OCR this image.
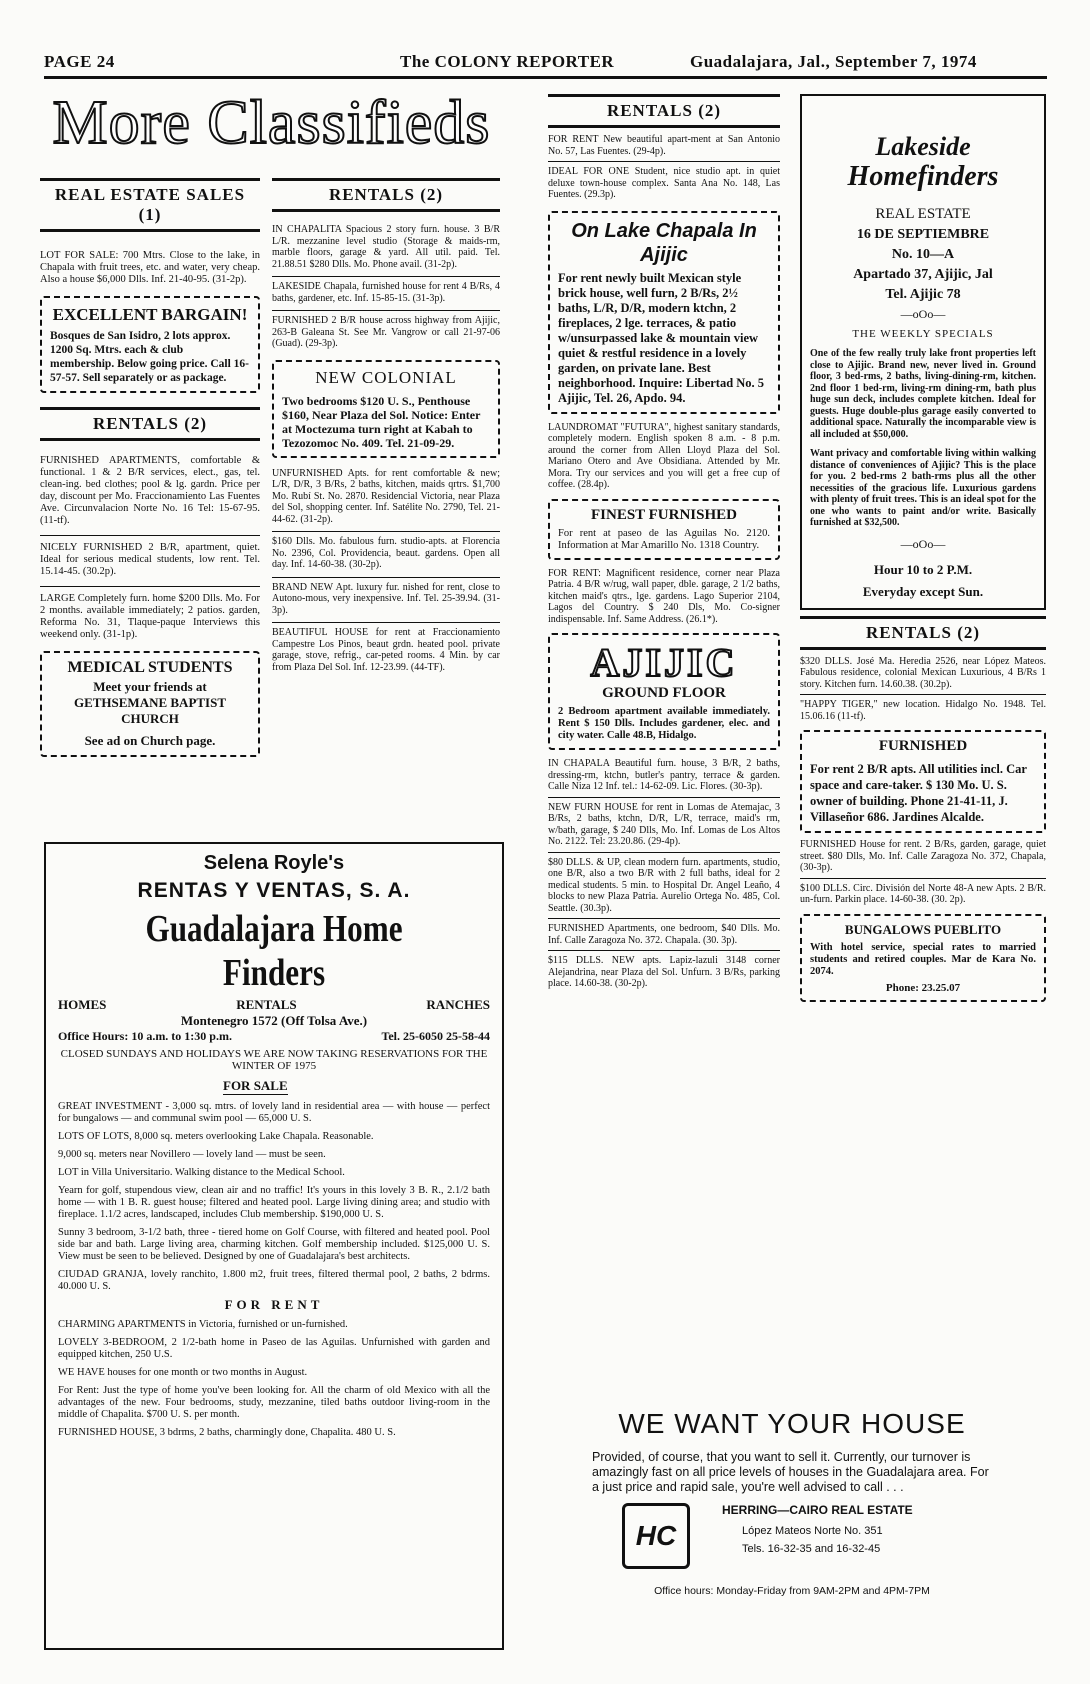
PAGE 24	The COLONY REPORTER	Guadalajara, Jal., September 7, 1974
More Classifieds
REAL ESTATE SALES
(1)
LOT FOR SALE: 700 Mtrs. Close to the lake, in Chapala with fruit trees, etc. and water, very cheap. Also a house $6,000 Dlls. Inf. 21-40-95. (31-2p).
EXCELLENT BARGAIN!
Bosques de San Isidro, 2 lots approx. 1200 Sq. Mtrs. each & club membership. Below going price. Call 16-57-57. Sell separately or as package.
RENTALS (2)
FURNISHED APARTMENTS, comfortable & functional. 1 & 2 B/R services, elect., gas, tel. clean-ing. bed clothes; pool & lg. gardn. Price per day, discount per Mo. Fraccionamiento Las Fuentes Ave. Circunvalacion Norte No. 16 Tel: 15-67-95. (11-tf).
NICELY FURNISHED 2 B/R, apartment, quiet. Ideal for serious medical students, low rent. Tel. 15.14-45. (30.2p).
LARGE Completely furn. home $200 Dlls. Mo. For 2 months. available immediately; 2 patios. garden, Reforma No. 31, Tlaque-paque Interviews this weekend only. (31-1p).
MEDICAL STUDENTS
Meet your friends at GETHSEMANE BAPTIST CHURCH
See ad on Church page.
RENTALS (2)
IN CHAPALITA Spacious 2 story furn. house. 3 B/R L/R. mezzanine level studio (Storage & maids-rm, marble floors, garage & yard. All util. paid. Tel. 21.88.51 $280 Dlls. Mo. Phone avail. (31-2p).
LAKESIDE Chapala, furnished house for rent 4 B/Rs, 4 baths, gardener, etc. Inf. 15-85-15. (31-3p).
FURNISHED 2 B/R house across highway from Ajijic, 263-B Galeana St. See Mr. Vangrow or call 21-97-06 (Guad). (29-3p).
NEW COLONIAL
Two bedrooms $120 U. S., Penthouse $160, Near Plaza del Sol. Notice: Enter at Moctezuma turn right at Kabah to Tezozomoc No. 409. Tel. 21-09-29.
UNFURNISHED Apts. for rent comfortable & new; L/R, D/R, 3 B/Rs, 2 baths, kitchen, maids qrtrs. $1,700 Mo. Rubí St. No. 2870. Residencial Victoria, near Plaza del Sol, shopping center. Inf. Satélite No. 2790, Tel. 21-44-62. (31-2p).
$160 Dlls. Mo. fabulous furn. studio-apts. at Florencia No. 2396, Col. Providencia, beaut. gardens. Open all day. Inf. 14-60-38. (30-2p).
BRAND NEW Apt. luxury fur. nished for rent, close to Autono-mous, very inexpensive. Inf. Tel. 25-39.94. (31-3p).
BEAUTIFUL HOUSE for rent at Fraccionamiento Campestre Los Pinos, beaut grdn. heated pool. private garage, stove, refrig., car-peted rooms. 4 Min. by car from Plaza Del Sol. Inf. 12-23.99. (44-TF).
Selena Royle's
RENTAS Y VENTAS, S. A.
Guadalajara Home Finders
HOMES	RENTALS	RANCHES
Montenegro 1572 (Off Tolsa Ave.)
Office Hours: 10 a.m. to 1:30 p.m.	Tel. 25-6050 25-58-44
CLOSED SUNDAYS AND HOLIDAYS WE ARE NOW TAKING RESERVATIONS FOR THE WINTER OF 1975
FOR SALE
GREAT INVESTMENT - 3,000 sq. mtrs. of lovely land in residential area — with house — perfect for bungalows — and communal swim pool — 65,000 U. S.
LOTS OF LOTS, 8,000 sq. meters overlooking Lake Chapala. Reasonable.
9,000 sq. meters near Novillero — lovely land — must be seen.
LOT in Villa Universitario. Walking distance to the Medical School.
Yearn for golf, stupendous view, clean air and no traffic! It's yours in this lovely 3 B. R., 2.1/2 bath home — with 1 B. R. guest house; filtered and heated pool. Large living dining area; and studio with fireplace. 1.1/2 acres, landscaped, includes Club membership. $190,000 U. S.
Sunny 3 bedroom, 3-1/2 bath, three - tiered home on Golf Course, with filtered and heated pool. Pool side bar and bath. Large living area, charming kitchen. Golf membership included. $125,000 U. S. View must be seen to be believed. Designed by one of Guadalajara's best architects.
CIUDAD GRANJA, lovely ranchito, 1.800 m2, fruit trees, filtered thermal pool, 2 baths, 2 bdrms. 40.000 U. S.
FOR RENT
CHARMING APARTMENTS in Victoria, furnished or un-furnished.
LOVELY 3-BEDROOM, 2 1/2-bath home in Paseo de las Aguilas. Unfurnished with garden and equipped kitchen, 250 U.S.
WE HAVE houses for one month or two months in August.
For Rent: Just the type of home you've been looking for. All the charm of old Mexico with all the advantages of the new. Four bedrooms, study, mezzanine, tiled baths outdoor living-room in the middle of Chapalita. $700 U. S. per month.
FURNISHED HOUSE, 3 bdrms, 2 baths, charmingly done, Chapalita. 480 U. S.
RENTALS (2)
FOR RENT New beautiful apart-ment at San Antonio No. 57, Las Fuentes. (29-4p).
IDEAL FOR ONE Student, nice studio apt. in quiet deluxe town-house complex. Santa Ana No. 148, Las Fuentes. (29.3p).
On Lake Chapala In Ajijic
For rent newly built Mexican style brick house, well furn, 2 B/Rs, 2½ baths, L/R, D/R, modern ktchn, 2 fireplaces, 2 lge. terraces, & patio w/unsurpassed lake & mountain view quiet & restful residence in a lovely garden, on private lane. Best neighborhood. Inquire: Libertad No. 5 Ajijic, Tel. 26, Apdo. 94.
LAUNDROMAT "FUTURA", highest sanitary standards, completely modern. English spoken 8 a.m. - 8 p.m. around the corner from Allen Lloyd Plaza del Sol. Mariano Otero and Ave Obsidiana. Attended by Mr. Mora. Try our services and you will get a free cup of coffee. (28.4p).
FINEST FURNISHED
For rent at paseo de las Aguilas No. 2120. Information at Mar Amarillo No. 1318 Country.
FOR RENT: Magnificent residence, corner near Plaza Patria. 4 B/R w/rug, wall paper, dble. garage, 2 1/2 baths, kitchen maid's qtrs., lge. gardens. Lago Superior 2104, Lagos del Country. $ 240 Dls, Mo. Co-signer indispensable. Inf. Same Address. (26.1*).
AJIJIC
GROUND FLOOR
2 Bedroom apartment available immediately. Rent $ 150 Dlls. Includes gardener, elec. and city water. Calle 48.B, Hidalgo.
IN CHAPALA Beautiful furn. house, 3 B/R, 2 baths, dressing-rm, ktchn, butler's pantry, terrace & garden. Calle Niza 12 Inf. tel.: 14-62-09. Lic. Flores. (30-3p).
NEW FURN HOUSE for rent in Lomas de Atemajac, 3 B/Rs, 2 baths, ktchn, D/R, L/R, terrace, maid's rm, w/bath, garage, $ 240 Dlls, Mo. Inf. Lomas de Los Altos No. 2122. Tel: 23.20.86. (29-4p).
$80 DLLS. & UP, clean modern furn. apartments, studio, one B/R, also a two B/R with 2 full baths, ideal for 2 medical students. 5 min. to Hospital Dr. Angel Leaño, 4 blocks to new Plaza Patria. Aurelio Ortega No. 485, Col. Seattle. (30.3p).
FURNISHED Apartments, one bedroom, $40 Dlls. Mo. Inf. Calle Zaragoza No. 372. Chapala. (30. 3p).
$115 DLLS. NEW apts. Lapiz-lazuli 3148 corner Alejandrina, near Plaza del Sol. Unfurn. 3 B/Rs, parking place. 14.60-38. (30-2p).
Lakeside
Homefinders
REAL ESTATE
16 DE SEPTIEMBRE
No. 10—A
Apartado 37, Ajijic, Jal
Tel. Ajijic 78
—oOo—
THE WEEKLY SPECIALS
One of the few really truly lake front properties left close to Ajijic. Brand new, never lived in. Ground floor, 3 bed-rms, 2 baths, living-dining-rm, kitchen. 2nd floor 1 bed-rm, living-rm dining-rm, bath plus huge sun deck, includes complete kitchen. Ideal for guests. Huge double-plus garage easily converted to additional space. Naturally the incomparable view is all included at $50,000.
Want privacy and comfortable living within walking distance of conveniences of Ajijic? This is the place for you. 2 bed-rms 2 bath-rms plus all the other necessities of the gracious life. Luxurious gardens with plenty of fruit trees. This is an ideal spot for the one who wants to paint and/or write. Basically furnished at $32,500.
—oOo—
Hour 10 to 2 P.M.
Everyday except Sun.
RENTALS (2)
$320 DLLS. José Ma. Heredia 2526, near López Mateos. Fabulous residence, colonial Mexican Luxurious, 4 B/Rs 1 story. Kitchen furn. 14.60.38. (30.2p).
"HAPPY TIGER," new location. Hidalgo No. 1948. Tel. 15.06.16 (11-tf).
FURNISHED
For rent 2 B/R apts. All utilities incl. Car space and care-taker. $ 130 Mo. U. S. owner of building. Phone 21-41-11, J. Villaseñor 686. Jardines Alcalde.
FURNISHED House for rent. 2 B/Rs, garden, garage, quiet street. $80 Dlls, Mo. Inf. Calle Zaragoza No. 372, Chapala, (30-3p).
$100 DLLS. Circ. División del Norte 48-A new Apts. 2 B/R. un-furn. Parkin place. 14-60-38. (30. 2p).
BUNGALOWS PUEBLITO
With hotel service, special rates to married students and retired couples. Mar de Kara No. 2074.
Phone: 23.25.07
WE WANT YOUR HOUSE
Provided, of course, that you want to sell it. Currently, our turnover is amazingly fast on all price levels of houses in the Guadalajara area. For a just price and rapid sale, you're well advised to call . . .
HC
HERRING—CAIRO REAL ESTATE
López Mateos Norte No. 351
Tels. 16-32-35 and 16-32-45
Office hours: Monday-Friday from 9AM-2PM and 4PM-7PM
